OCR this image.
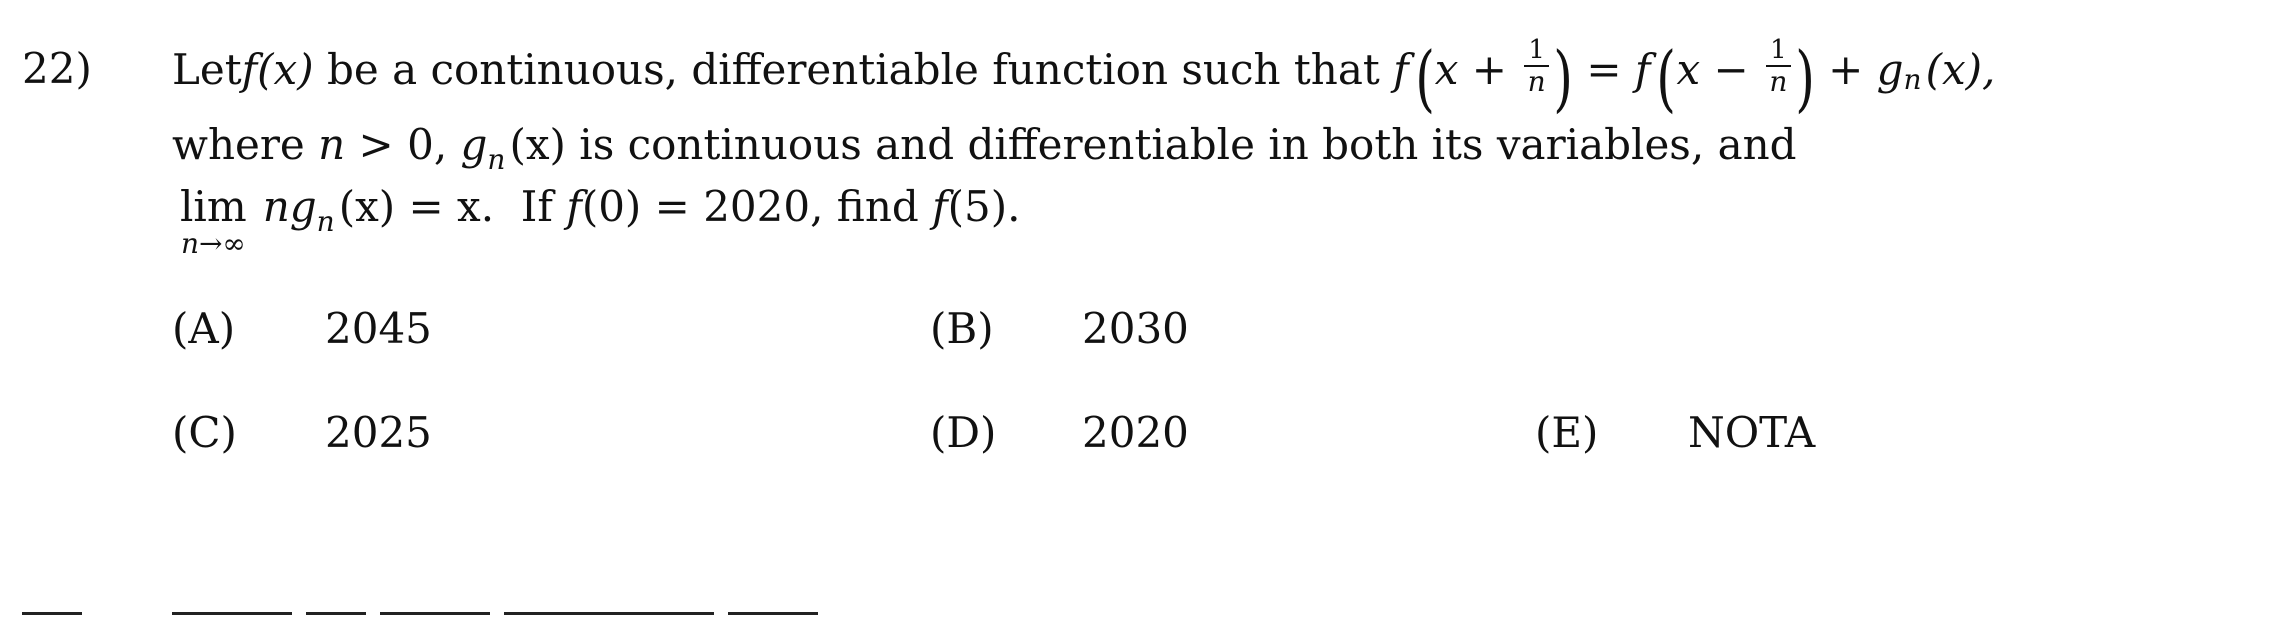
22) Let f (x) be a continuous, differentiable function such that f ( $x + \frac{1}{n}$ ) = f ( $x - \frac{1}{n}$ ) + g n (x),
where n > 0, $g_n(x)$ is continuous and differentiable in both its variables, and
lim
n→∞
$ng_n(x) = x$.  If f(0) = 2020, find f(5).
(A) 2045	(B) 2030
(C) 2025	(D) 2020	(E) NOTA
